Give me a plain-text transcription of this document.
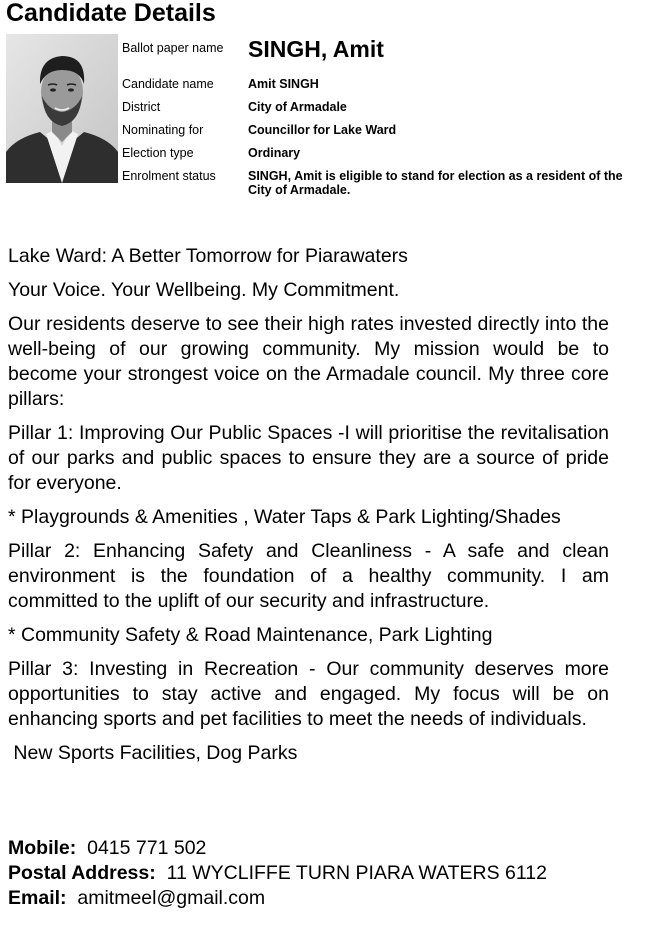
Candidate Details
Ballot paper name	SINGH, Amit
Candidate name	Amit SINGH
District	City of Armadale
Nominating for	Councillor for Lake Ward
Election type	Ordinary
Enrolment status	SINGH, Amit is eligible to stand for election as a resident of the City of Armadale.

Lake Ward: A Better Tomorrow for Piarawaters

Your Voice. Your Wellbeing. My Commitment.

Our residents deserve to see their high rates invested directly into the well-being of our growing community. My mission would be to become your strongest voice on the Armadale council. My three core pillars:

Pillar 1: Improving Our Public Spaces -I will prioritise the revitalisation of our parks and public spaces to ensure they are a source of pride for everyone.

* Playgrounds & Amenities , Water Taps & Park Lighting/Shades

Pillar 2: Enhancing Safety and Cleanliness - A safe and clean environment is the foundation of a healthy community. I am committed to the uplift of our security and infrastructure.

* Community Safety & Road Maintenance, Park Lighting

Pillar 3: Investing in Recreation - Our community deserves more opportunities to stay active and engaged. My focus will be on enhancing sports and pet facilities to meet the needs of individuals.

New Sports Facilities, Dog Parks

Mobile: 0415 771 502
Postal Address: 11 WYCLIFFE TURN PIARA WATERS 6112
Email: amitmeel@gmail.com
